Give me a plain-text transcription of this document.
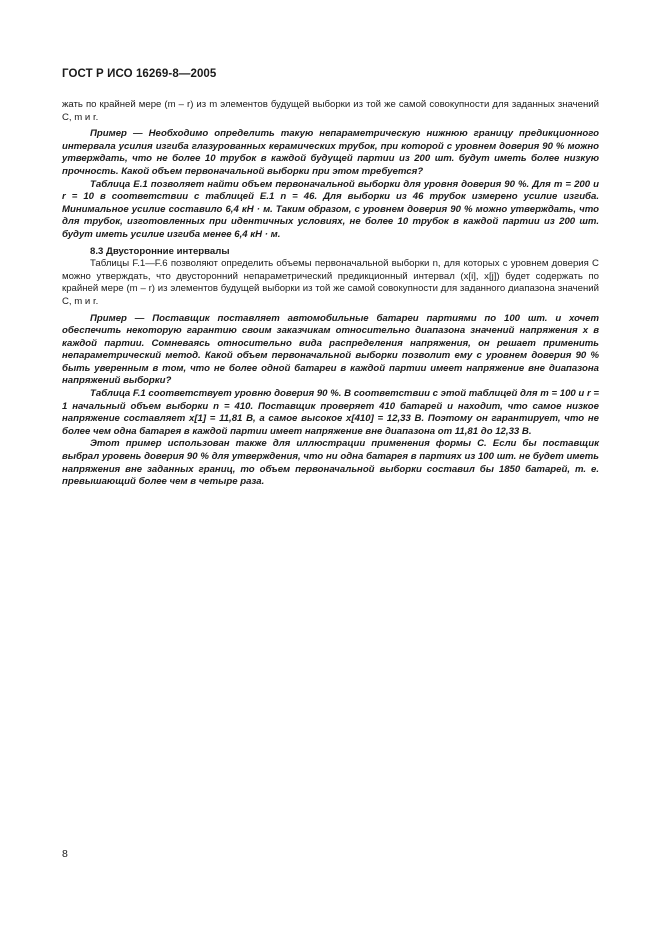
ГОСТ Р ИСО 16269-8—2005

жать по крайней мере (m – r) из m элементов будущей выборки из той же самой совокупности для заданных значений C, m и r.

Пример — Необходимо определить такую непараметрическую нижнюю границу предикционного интервала усилия изгиба глазурованных керамических трубок, при которой с уровнем доверия 90 % можно утверждать, что не более 10 трубок в каждой будущей партии из 200 шт. будут иметь более низкую прочность. Какой объем первоначальной выборки при этом требуется?

Таблица E.1 позволяет найти объем первоначальной выборки для уровня доверия 90 %. Для m = 200 и r = 10 в соответствии с таблицей E.1 n = 46. Для выборки из 46 трубок измерено усилие изгиба. Минимальное усилие составило 6,4 кН · м. Таким образом, с уровнем доверия 90 % можно утверждать, что для трубок, изготовленных при идентичных условиях, не более 10 трубок в каждой партии из 200 шт. будут иметь усилие изгиба менее 6,4 кН · м.

8.3 Двусторонние интервалы

Таблицы F.1—F.6 позволяют определить объемы первоначальной выборки n, для которых с уровнем доверия C можно утверждать, что двусторонний непараметрический предикционный интервал (x[i], x[j]) будет содержать по крайней мере (m – r) из элементов будущей выборки из той же самой совокупности для заданного диапазона значений C, m и r.

Пример — Поставщик поставляет автомобильные батареи партиями по 100 шт. и хочет обеспечить некоторую гарантию своим заказчикам относительно диапазона значений напряжения x в каждой партии. Сомневаясь относительно вида распределения напряжения, он решает применить непараметрический метод. Какой объем первоначальной выборки позволит ему с уровнем доверия 90 % быть уверенным в том, что не более одной батареи в каждой партии имеет напряжение вне диапазона напряжений выборки?

Таблица F.1 соответствует уровню доверия 90 %. В соответствии с этой таблицей для m = 100 и r = 1 начальный объем выборки n = 410. Поставщик проверяет 410 батарей и находит, что самое низкое напряжение составляет x[1] = 11,81 В, а самое высокое x[410] = 12,33 В. Поэтому он гарантирует, что не более чем одна батарея в каждой партии имеет напряжение вне диапазона от 11,81 до 12,33 В.

Этот пример использован также для иллюстрации применения формы С. Если бы поставщик выбрал уровень доверия 90 % для утверждения, что ни одна батарея в партиях из 100 шт. не будет иметь напряжения вне заданных границ, то объем первоначальной выборки составил бы 1850 батарей, т. е. превышающий более чем в четыре раза.

8
